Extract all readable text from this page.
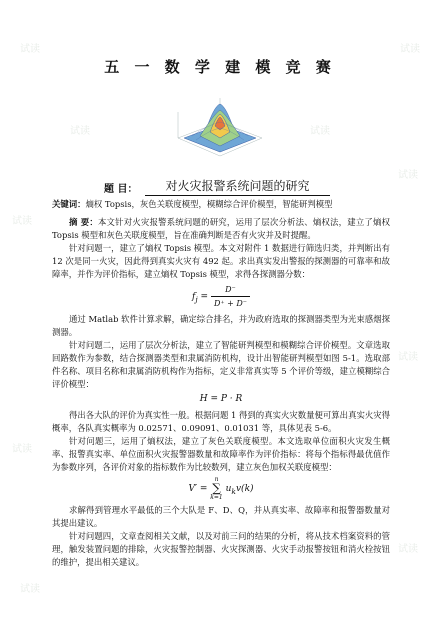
试读	试读
试读	试读
试读
试读
试读
试读
试读
试读
五 一 数 学 建 模 竞 赛
题 目：	对火灾报警系统问题的研究

关键词：熵权 Topsis，灰色关联度模型，模糊综合评价模型，智能研判模型

摘 要：本文针对火灾报警系统问题的研究，运用了层次分析法、熵权法，建立了熵权 Topsis 模型和灰色关联度模型，旨在准确判断是否有火灾并及时提醒。

针对问题一，建立了熵权 Topsis 模型。本文对附件 1 数据进行筛选归类，并判断出有 12 次是同一火灾，因此得到真实火灾有 492 起。求出真实发出警报的探测器的可靠率和故障率，并作为评价指标，建立熵权 Topsis 模型，求得各探测器分数：

$f_j = \frac{D^-}{D^+ + D^-}$

通过 Matlab 软件计算求解，确定综合排名，并为政府选取的探测器类型为光束感烟探测器。

针对问题二，运用了层次分析法，建立了智能研判模型和模糊综合评价模型。文章选取回路数作为参数，结合探测器类型和隶属消防机构，设计出智能研判模型如图 5-1。选取部件名称、项目名称和隶属消防机构作为指标，定义非常真实等 5 个评价等级，建立模糊综合评价模型：

H = P · R

得出各大队的评价为真实性一般。根据问题 1 得到的真实火灾数量便可算出真实火灾得概率，各队真实概率为 0.02571、0.09091、0.01031 等，具体见表 5-6。

针对问题三，运用了熵权法，建立了灰色关联度模型。本文选取单位面积火灾发生概率、报警真实率、单位面积火灾报警器数量和故障率作为评价指标：将每个指标得最优值作为参数序列，各评价对象的指标数作为比较数列，建立灰色加权关联度模型：

V′ = n
∑
k=1 $u_kv(k)$

求解得到管理水平最低的三个大队是 F、D、Q，并从真实率、故障率和报警器数量对其提出建议。

针对问题四，文章查阅相关文献，以及对前三问的结果的分析，将从技术档案资料的管理，触发装置问题的排除，火灾报警控制器、火灾探测器、火灾手动报警按钮和消火栓按钮的维护，提出相关建议。
